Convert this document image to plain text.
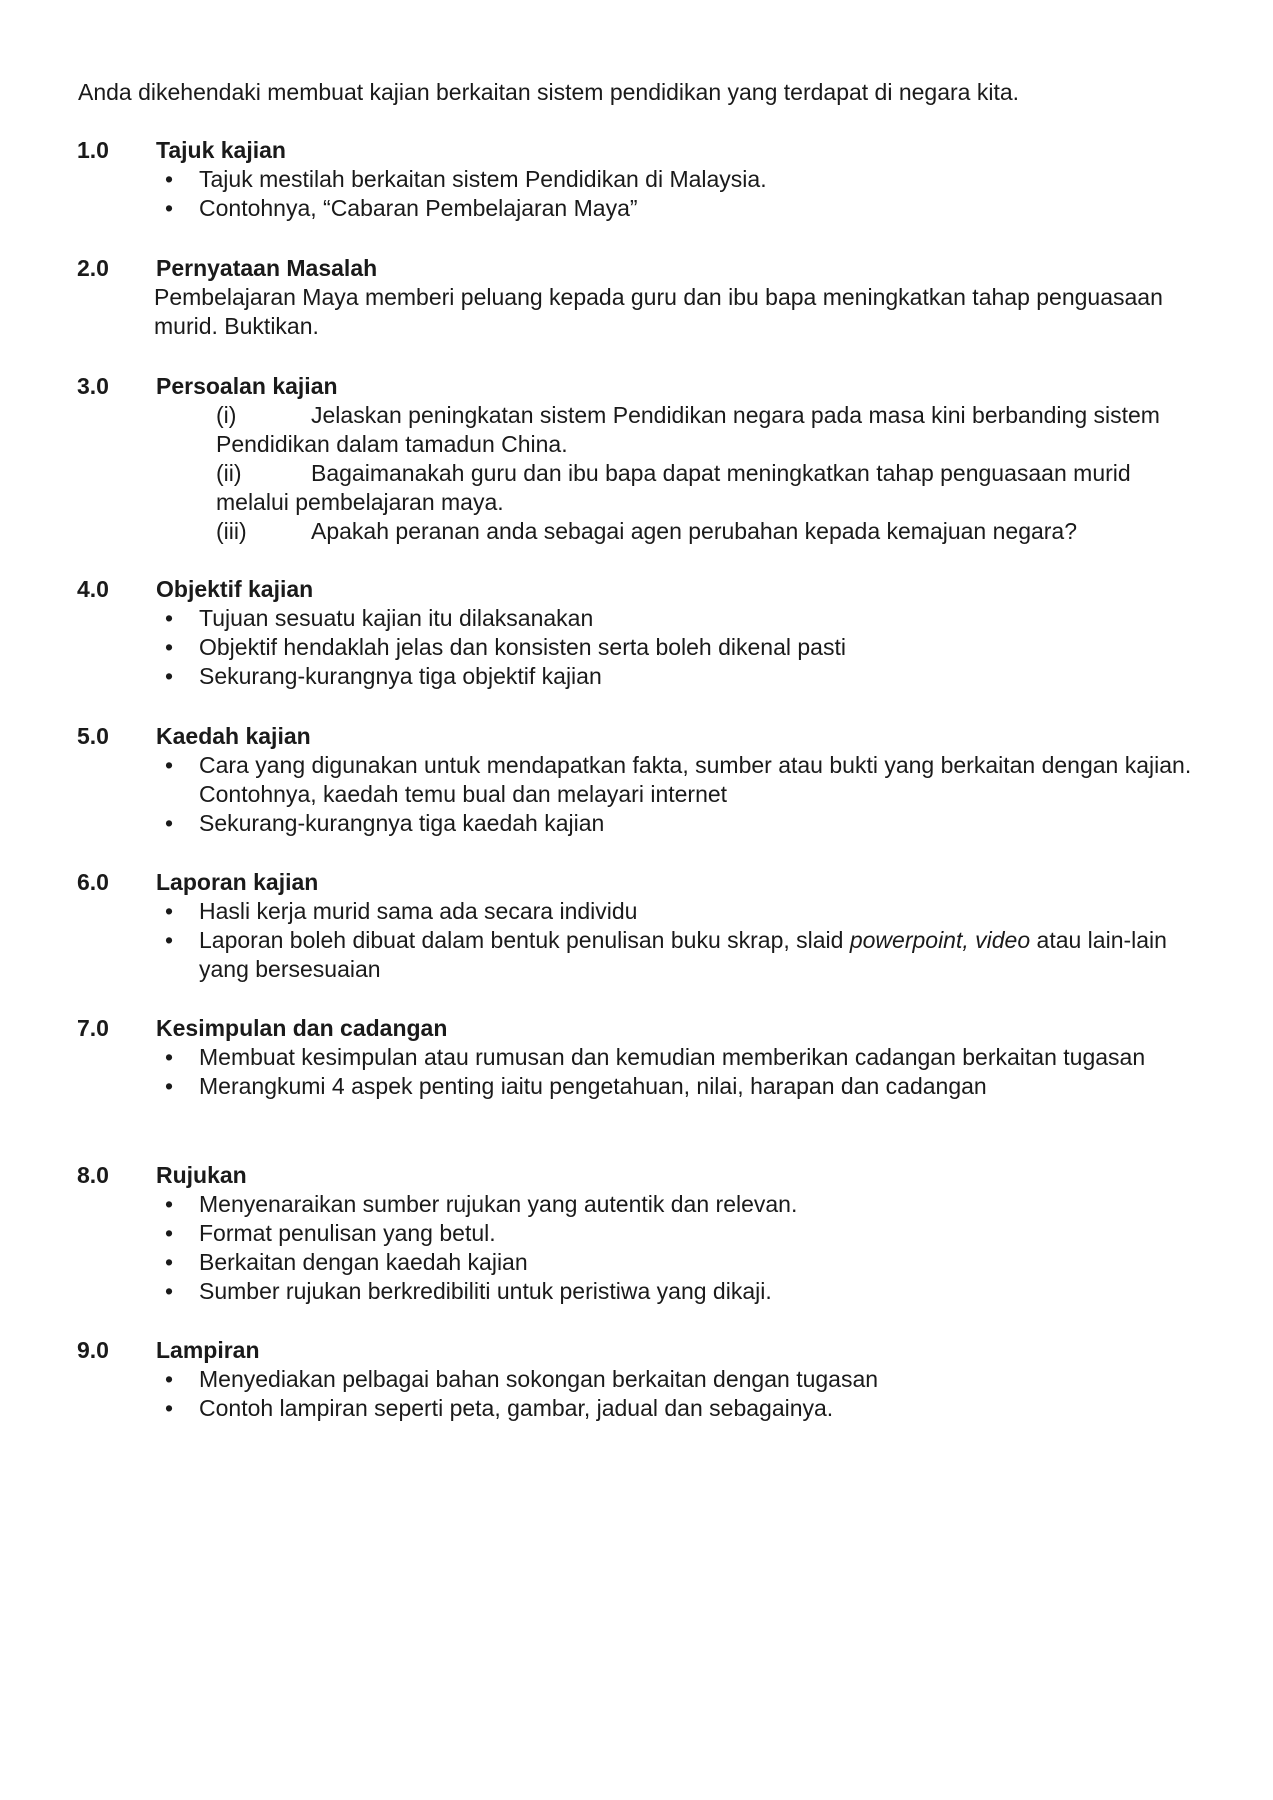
Anda dikehendaki membuat kajian berkaitan sistem pendidikan yang terdapat di negara kita.

1.0 Tajuk kajian

• Tajuk mestilah berkaitan sistem Pendidikan di Malaysia.

• Contohnya, “Cabaran Pembelajaran Maya”

2.0 Pernyataan Masalah

Pembelajaran Maya memberi peluang kepada guru dan ibu bapa meningkatkan tahap penguasaan murid. Buktikan.

3.0 Persoalan kajian

(i)	Jelaskan peningkatan sistem Pendidikan negara pada masa kini berbanding sistem Pendidikan dalam tamadun China.

(ii)	Bagaimanakah guru dan ibu bapa dapat meningkatkan tahap penguasaan murid melalui pembelajaran maya.

(iii)	Apakah peranan anda sebagai agen perubahan kepada kemajuan negara?

4.0 Objektif kajian

• Tujuan sesuatu kajian itu dilaksanakan

• Objektif hendaklah jelas dan konsisten serta boleh dikenal pasti

• Sekurang-kurangnya tiga objektif kajian

5.0 Kaedah kajian

• Cara yang digunakan untuk mendapatkan fakta, sumber atau bukti yang berkaitan dengan kajian. Contohnya, kaedah temu bual dan melayari internet

• Sekurang-kurangnya tiga kaedah kajian

6.0 Laporan kajian

• Hasli kerja murid sama ada secara individu

• Laporan boleh dibuat dalam bentuk penulisan buku skrap, slaid powerpoint, video atau lain-lain yang bersesuaian

7.0 Kesimpulan dan cadangan

• Membuat kesimpulan atau rumusan dan kemudian memberikan cadangan berkaitan tugasan

• Merangkumi 4 aspek penting iaitu pengetahuan, nilai, harapan dan cadangan

8.0 Rujukan

• Menyenaraikan sumber rujukan yang autentik dan relevan.

• Format penulisan yang betul.

• Berkaitan dengan kaedah kajian

• Sumber rujukan berkredibiliti untuk peristiwa yang dikaji.

9.0 Lampiran

• Menyediakan pelbagai bahan sokongan berkaitan dengan tugasan

• Contoh lampiran seperti peta, gambar, jadual dan sebagainya.
